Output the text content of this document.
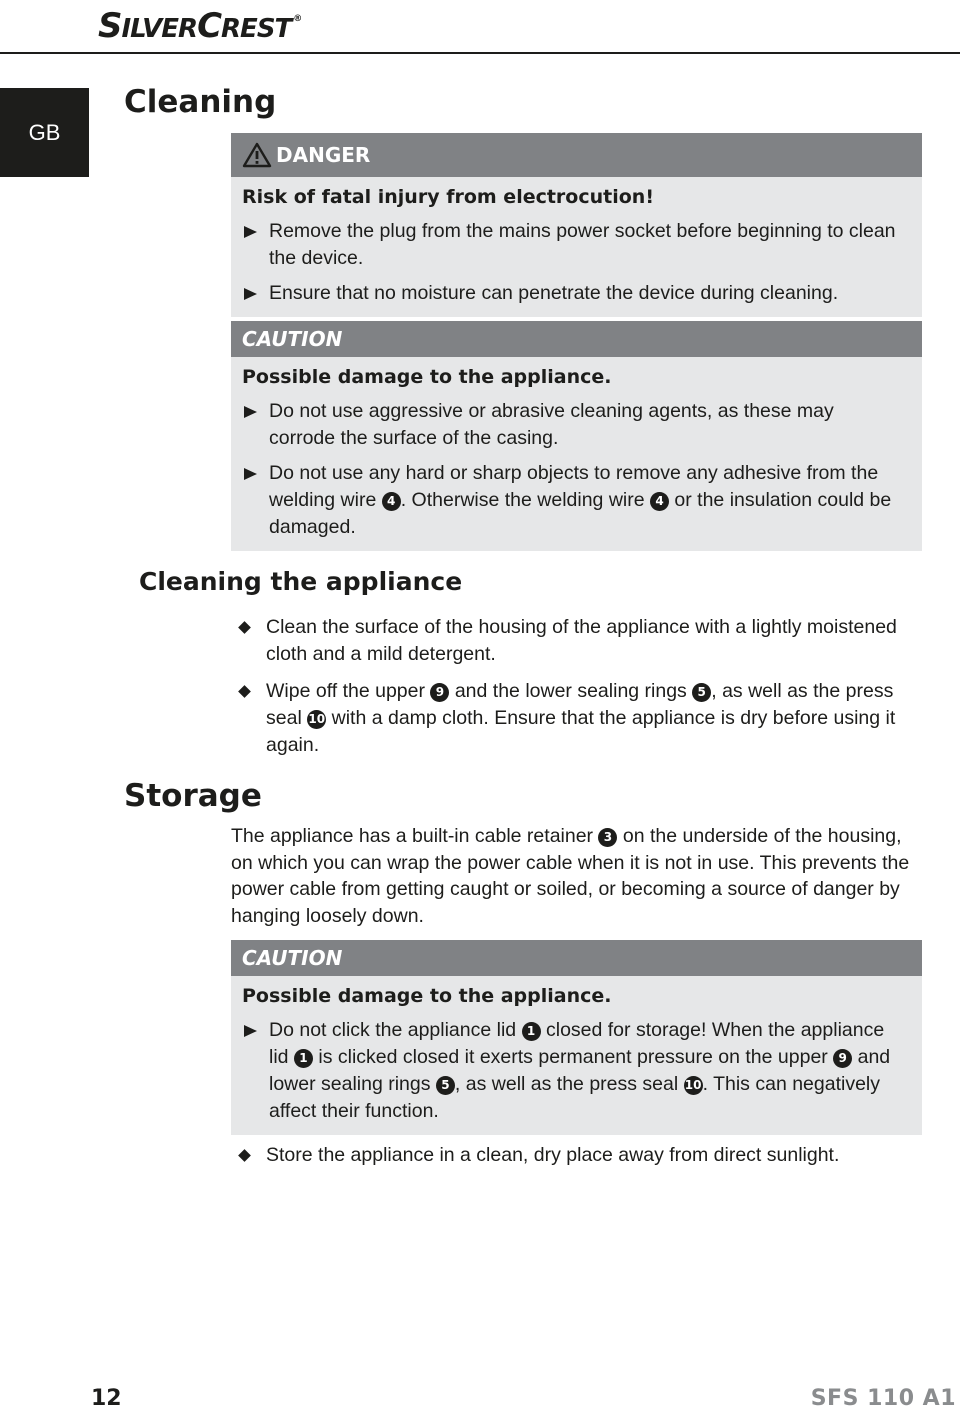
SILVERCREST ®
GB
Cleaning
DANGER

Risk of fatal injury from electrocution!

Remove the plug from the mains power socket before beginning to clean the device.
Ensure that no moisture can penetrate the device during cleaning.
CAUTION

Possible damage to the appliance.

Do not use aggressive or abrasive cleaning agents, as these may corrode the surface of the casing.
Do not use any hard or sharp objects to remove any adhesive from the welding wire 4 . Otherwise the welding wire 4 or the insulation could be damaged.
Cleaning the appliance
Clean the surface of the housing of the appliance with a lightly moistened cloth and a mild detergent.
Wipe off the upper 9 and the lower sealing rings 5 , as well as the press seal 10 with a damp cloth. Ensure that the appliance is dry before using it again.
Storage

The appliance has a built-in cable retainer 3 on the underside of the housing, on which you can wrap the power cable when it is not in use. This prevents the power cable from getting caught or soiled, or becoming a source of danger by hanging loosely down.

CAUTION

Possible damage to the appliance.

Do not click the appliance lid 1 closed for storage! When the appliance lid 1 is clicked closed it exerts permanent pressure on the upper 9 and lower sealing rings 5 , as well as the press seal 10. This can negatively affect their function.
Store the appliance in a clean, dry place away from direct sunlight.
12	SFS 110 A1
